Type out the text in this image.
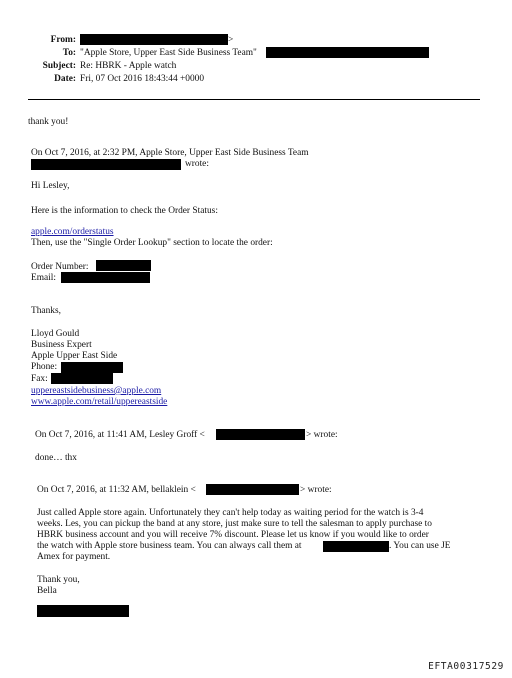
From:	>
To: "Apple Store, Upper East Side Business Team"
Subject: Re: HBRK - Apple watch
Date: Fri, 07 Oct 2016 18:43:44 +0000
thank you!
On Oct 7, 2016, at 2:32 PM, Apple Store, Upper East Side Business Team
wrote:
Hi Lesley,
Here is the information to check the Order Status:
apple.com/orderstatus
Then, use the "Single Order Lookup" section to locate the order:
Order Number:
Email:
Thanks,
Lloyd Gould
Business Expert
Apple Upper East Side
Phone:
Fax:
uppereastsidebusiness@apple.com
www.apple.com/retail/uppereastside
On Oct 7, 2016, at 11:41 AM, Lesley Groff <	> wrote:
done… thx
On Oct 7, 2016, at 11:32 AM, bellaklein <	> wrote:
Just called Apple store again. Unfortunately they can't help today as waiting period for the watch is 3-4
weeks. Les, you can pickup the band at any store, just make sure to tell the salesman to apply purchase to
HBRK business account and you will receive 7% discount. Please let us know if you would like to order
the watch with Apple store business team. You can always call them at	. You can use JE
Amex for payment.
Thank you,
Bella
EFTA00317529
